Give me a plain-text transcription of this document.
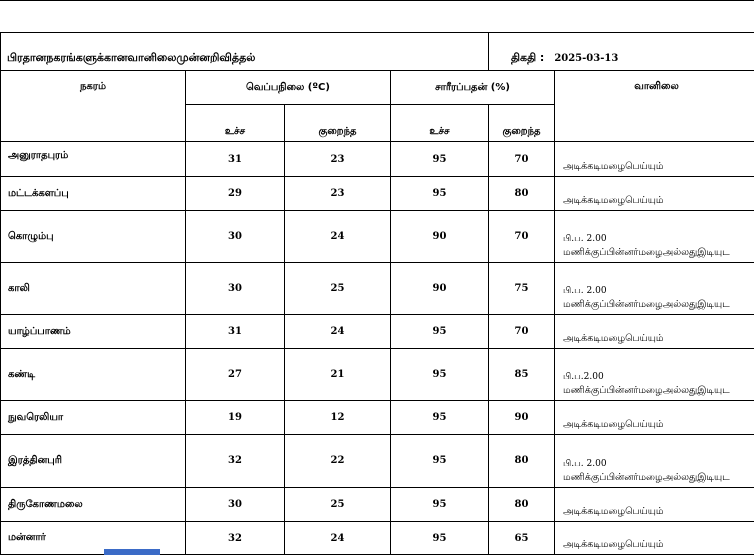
பிரதானநகரங்களுக்கானவானிலைமுன்னறிவித்தல்				திகதி : 2025-03-13	
நகரம்	வெப்பநிலை (ºC)		சாரீரப்பதன் (%)		வானிலை
	உச்ச	குறைந்த	உச்ச	குறைந்த	
அனுராதபுரம்	31	23	95	70	அடிக்கடிமழைபெய்யும்

மட்டக்களப்பு	29	23	95	80	அடிக்கடிமழைபெய்யும்

கொழும்பு	30	24	90	70	பி.ப. 2.00
மணிக்குப்பின்னர்மழைஅல்லதுஇடியுட

காலி	30	25	90	75	பி.ப. 2.00
மணிக்குப்பின்னர்மழைஅல்லதுஇடியுட

யாழ்ப்பாணம்	31	24	95	70	அடிக்கடிமழைபெய்யும்

கண்டி	27	21	95	85	பி.ப.2.00
மணிக்குப்பின்னர்மழைஅல்லதுஇடியுட

நுவரெலியா	19	12	95	90	அடிக்கடிமழைபெய்யும்

இரத்தினபுரி	32	22	95	80	பி.ப. 2.00
மணிக்குப்பின்னர்மழைஅல்லதுஇடியுட

திருகோணமலை	30	25	95	80	அடிக்கடிமழைபெய்யும்

மன்னார்	32	24	95	65	அடிக்கடிமழைபெய்யும்
